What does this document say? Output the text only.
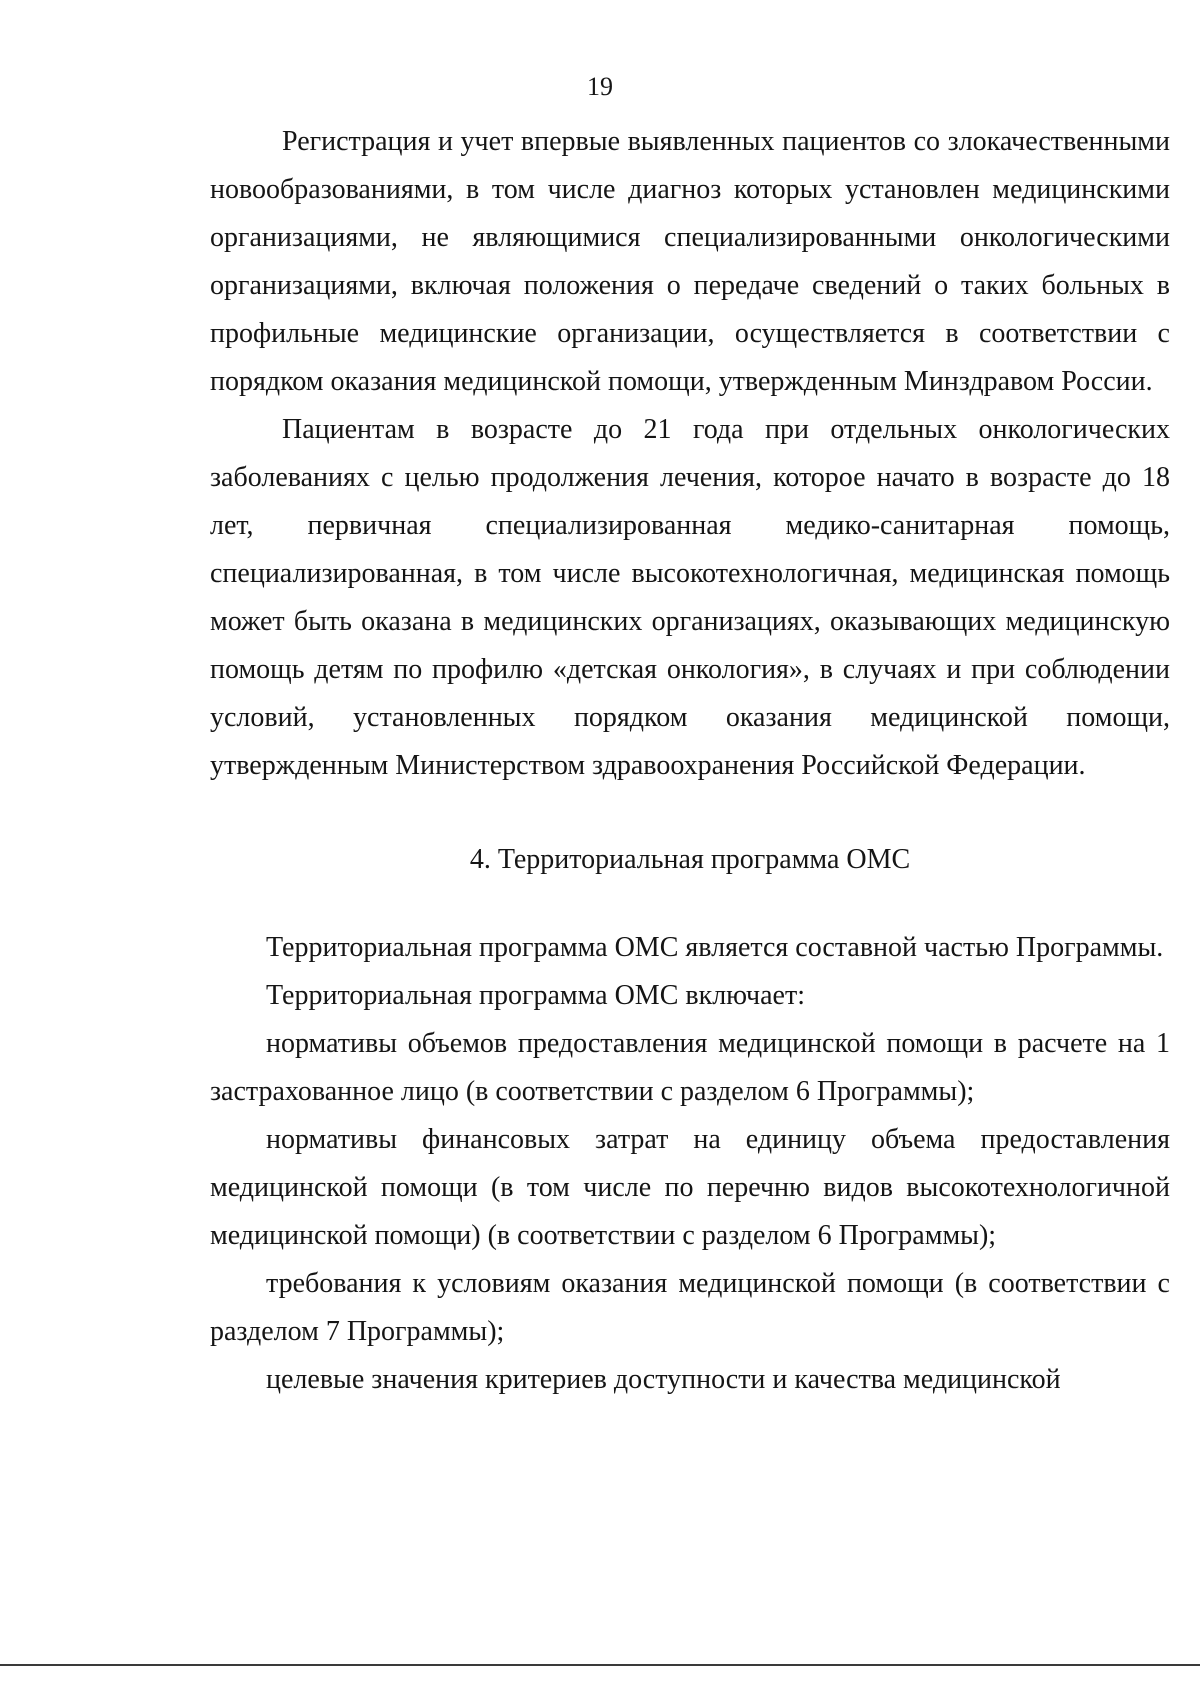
19

Регистрация и учет впервые выявленных пациентов со злокачественными новообразованиями, в том числе диагноз которых установлен медицинскими организациями, не являющимися специализированными онкологическими организациями, включая положения о передаче сведений о таких больных в профильные медицинские организации, осуществляется в соответствии с порядком оказания медицинской помощи, утвержденным Минздравом России.

Пациентам в возрасте до 21 года при отдельных онкологических заболеваниях с целью продолжения лечения, которое начато в возрасте до 18 лет, первичная специализированная медико-санитарная помощь, специализированная, в том числе высокотехнологичная, медицинская помощь может быть оказана в медицинских организациях, оказывающих медицинскую помощь детям по профилю «детская онкология», в случаях и при соблюдении условий, установленных порядком оказания медицинской помощи, утвержденным Министерством здравоохранения Российской Федерации.

4. Территориальная программа ОМС

Территориальная программа ОМС является составной частью Программы.

Территориальная программа ОМС включает:

нормативы объемов предоставления медицинской помощи в расчете на 1 застрахованное лицо (в соответствии с разделом 6 Программы);

нормативы финансовых затрат на единицу объема предоставления медицинской помощи (в том числе по перечню видов высокотехнологичной медицинской помощи) (в соответствии с разделом 6 Программы);

требования к условиям оказания медицинской помощи (в соответствии с разделом 7 Программы);

целевые значения критериев доступности и качества медицинской
